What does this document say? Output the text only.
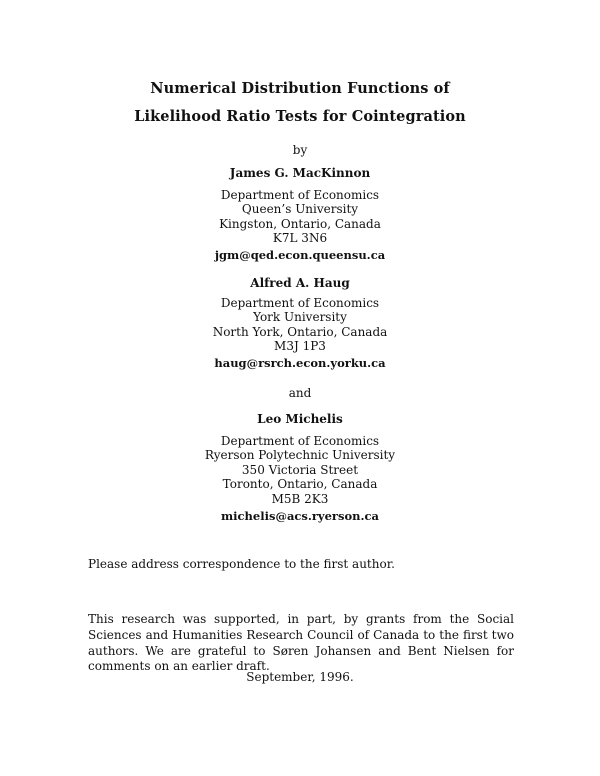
Numerical Distribution Functions of
Likelihood Ratio Tests for Cointegration
by
James G. MacKinnon
Department of Economics
Queen’s University
Kingston, Ontario, Canada
K7L 3N6
jgm@qed.econ.queensu.ca
Alfred A. Haug
Department of Economics
York University
North York, Ontario, Canada
M3J 1P3
haug@rsrch.econ.yorku.ca
and
Leo Michelis
Department of Economics
Ryerson Polytechnic University
350 Victoria Street
Toronto, Ontario, Canada
M5B 2K3
michelis@acs.ryerson.ca
Please address correspondence to the first author.
This research was supported, in part, by grants from the Social Sciences and Humanities Research Council of Canada to the first two authors. We are grateful to Søren Johansen and Bent Nielsen for comments on an earlier draft.
September, 1996.
